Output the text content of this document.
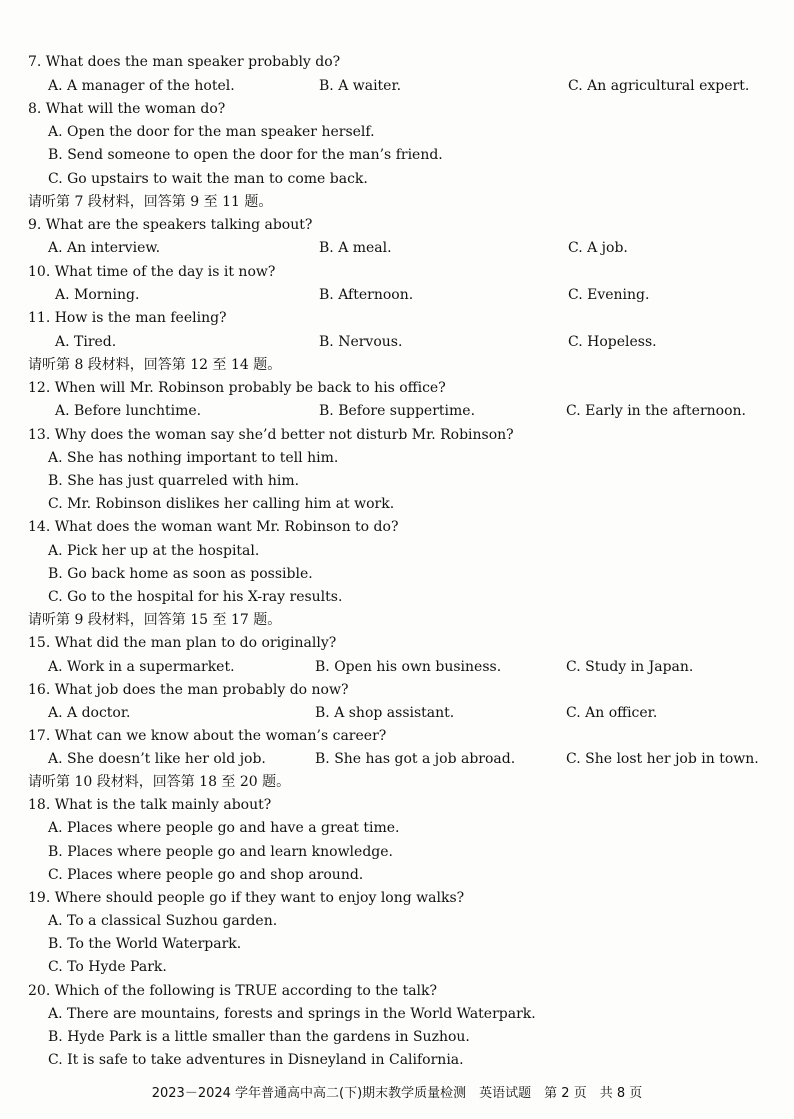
7. What does the man speaker probably do?
A. A manager of the hotel.	B. A waiter.	C. An agricultural expert.
8. What will the woman do?
A. Open the door for the man speaker herself.
B. Send someone to open the door for the man’s friend.
C. Go upstairs to wait the man to come back.
请听第 7 段材料，回答第 9 至 11 题。
9. What are the speakers talking about?
A. An interview.	B. A meal.	C. A job.
10. What time of the day is it now?
A. Morning.	B. Afternoon.	C. Evening.
11. How is the man feeling?
A. Tired.	B. Nervous.	C. Hopeless.
请听第 8 段材料，回答第 12 至 14 题。
12. When will Mr. Robinson probably be back to his office?
A. Before lunchtime.	B. Before suppertime.	C. Early in the afternoon.
13. Why does the woman say she’d better not disturb Mr. Robinson?
A. She has nothing important to tell him.
B. She has just quarreled with him.
C. Mr. Robinson dislikes her calling him at work.
14. What does the woman want Mr. Robinson to do?
A. Pick her up at the hospital.
B. Go back home as soon as possible.
C. Go to the hospital for his X-ray results.
请听第 9 段材料，回答第 15 至 17 题。
15. What did the man plan to do originally?
A. Work in a supermarket.	B. Open his own business.	C. Study in Japan.
16. What job does the man probably do now?
A. A doctor.	B. A shop assistant.	C. An officer.
17. What can we know about the woman’s career?
A. She doesn’t like her old job.	B. She has got a job abroad.	C. She lost her job in town.
请听第 10 段材料，回答第 18 至 20 题。
18. What is the talk mainly about?
A. Places where people go and have a great time.
B. Places where people go and learn knowledge.
C. Places where people go and shop around.
19. Where should people go if they want to enjoy long walks?
A. To a classical Suzhou garden.
B. To the World Waterpark.
C. To Hyde Park.
20. Which of the following is TRUE according to the talk?
A. There are mountains, forests and springs in the World Waterpark.
B. Hyde Park is a little smaller than the gardens in Suzhou.
C. It is safe to take adventures in Disneyland in California.
2023－2024 学年普通高中高二(下)期末教学质量检测　英语试题　第 2 页　共 8 页
